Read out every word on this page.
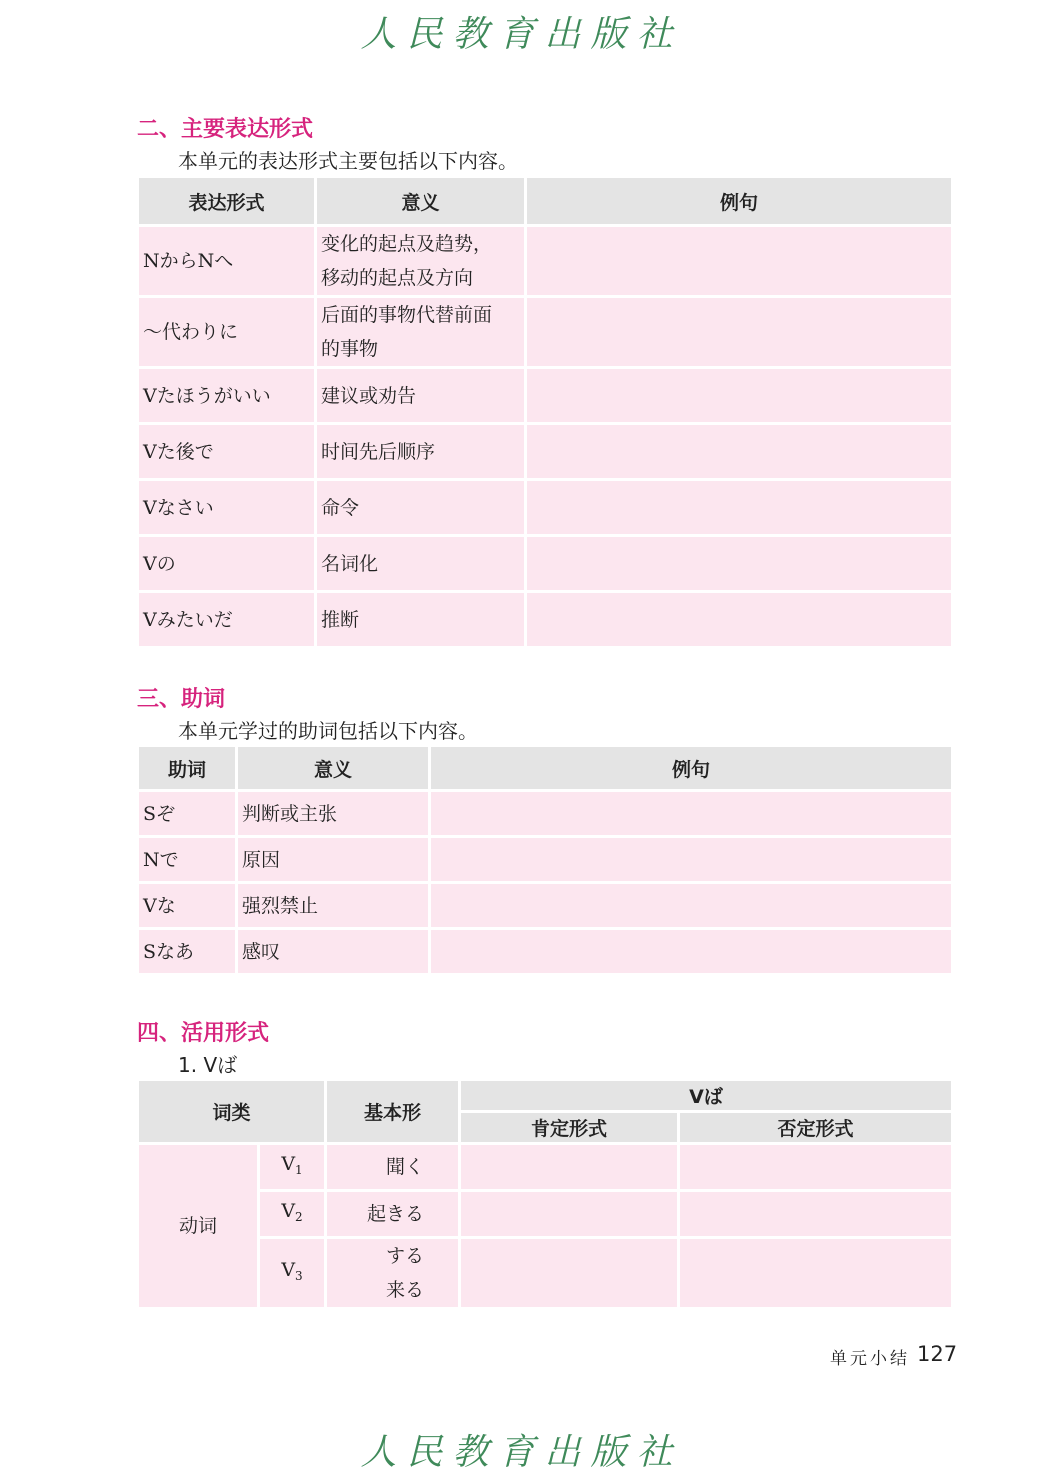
人民教育出版社
二、主要表达形式
本单元的表达形式主要包括以下内容。
表达形式	意义	例句
NからNへ	变化的起点及趋势，
移动的起点及方向	

～代わりに	后面的事物代替前面
的事物	

Vたほうがいい	建议或劝告	
Vた後で	时间先后顺序	
Vなさい	命令	
Vの	名词化	
Vみたいだ	推断	
三、助词
本单元学过的助词包括以下内容。
助词	意义	例句
Sぞ	判断或主张	
Nで	原因	
Vな	强烈禁止	
Sなあ	感叹	
四、活用形式
1. Vば
词类		基本形	Vば	
			肯定形式	否定形式
动词	$V_1$	聞く		
	$V_2$	起きる		
	$V_3$	する
来る		

单元小结 127
人民教育出版社
